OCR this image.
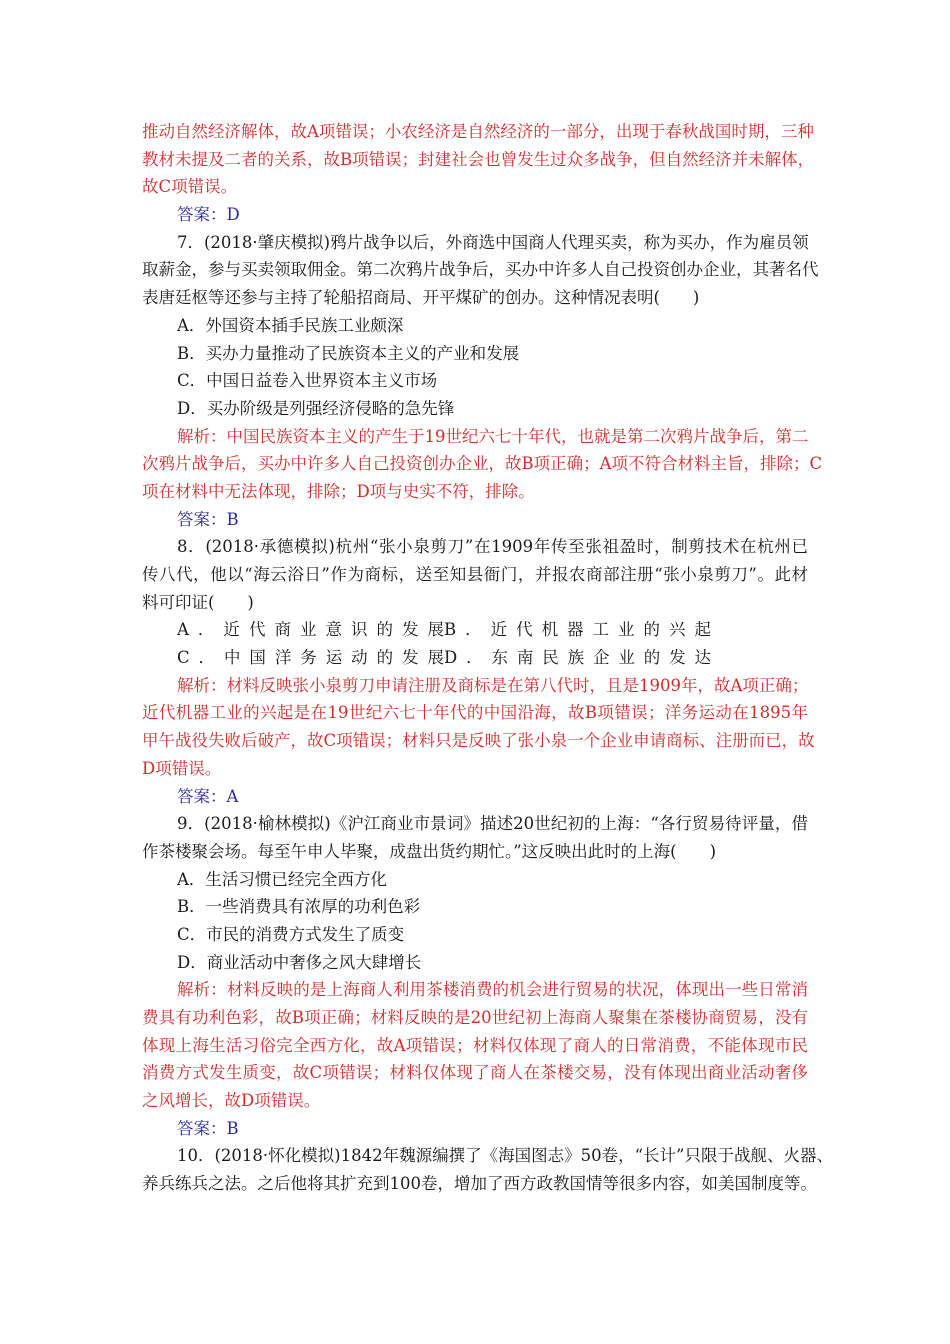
推动自然经济解体，故A项错误；小农经济是自然经济的一部分，出现于春秋战国时期，三种
教材未提及二者的关系，故B项错误；封建社会也曾发生过众多战争，但自然经济并未解体，
故C项错误。
答案：D
7．(2018·肇庆模拟)鸦片战争以后，外商选中国商人代理买卖，称为买办，作为雇员领
取薪金，参与买卖领取佣金。第二次鸦片战争后，买办中许多人自己投资创办企业，其著名代
表唐廷枢等还参与主持了轮船招商局、开平煤矿的创办。这种情况表明(　　)
A．外国资本插手民族工业颇深
B．买办力量推动了民族资本主义的产业和发展
C．中国日益卷入世界资本主义市场
D．买办阶级是列强经济侵略的急先锋
解析：中国民族资本主义的产生于19世纪六七十年代，也就是第二次鸦片战争后，第二
次鸦片战争后，买办中许多人自己投资创办企业，故B项正确；A项不符合材料主旨，排除；C
项在材料中无法体现，排除；D项与史实不符，排除。
答案：B
8．(2018·承德模拟)杭州“张小泉剪刀”在1909年传至张祖盈时，制剪技术在杭州已
传八代，他以“海云浴日”作为商标，送至知县衙门，并报农商部注册“张小泉剪刀”。此材
料可印证(　　)
A．近代商业意识的发展 B．近代机器工业的兴起
C．中国洋务运动的发展 D．东南民族企业的发达
解析：材料反映张小泉剪刀申请注册及商标是在第八代时，且是1909年，故A项正确；
近代机器工业的兴起是在19世纪六七十年代的中国沿海，故B项错误；洋务运动在1895年
甲午战役失败后破产，故C项错误；材料只是反映了张小泉一个企业申请商标、注册而已，故
D项错误。
答案：A
9．(2018·榆林模拟)《沪江商业市景词》描述20世纪初的上海：“各行贸易待评量，借
作茶楼聚会场。每至午申人毕聚，成盘出货约期忙。”这反映出此时的上海(　　)
A．生活习惯已经完全西方化
B．一些消费具有浓厚的功利色彩
C．市民的消费方式发生了质变
D．商业活动中奢侈之风大肆增长
解析：材料反映的是上海商人利用茶楼消费的机会进行贸易的状况，体现出一些日常消
费具有功利色彩，故B项正确；材料反映的是20世纪初上海商人聚集在茶楼协商贸易，没有
体现上海生活习俗完全西方化，故A项错误；材料仅体现了商人的日常消费，不能体现市民
消费方式发生质变，故C项错误；材料仅体现了商人在茶楼交易，没有体现出商业活动奢侈
之风增长，故D项错误。
答案：B
10．(2018·怀化模拟)1842年魏源编撰了《海国图志》50卷，“长计”只限于战舰、火器、
养兵练兵之法。之后他将其扩充到100卷，增加了西方政教国情等很多内容，如美国制度等。
